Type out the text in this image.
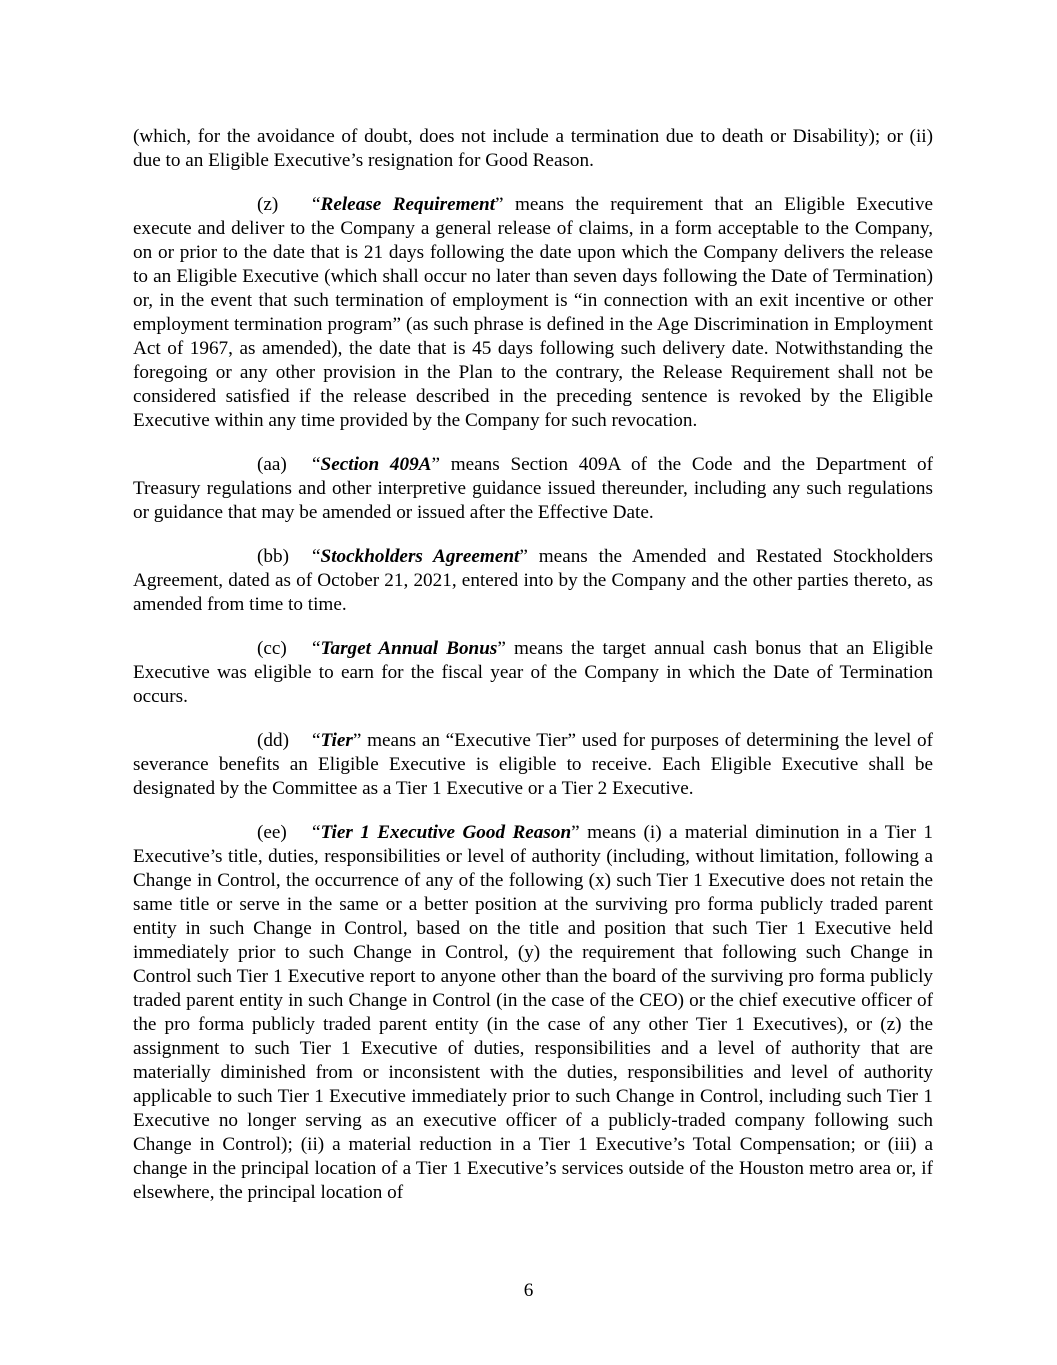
(which, for the avoidance of doubt, does not include a termination due to death or Disability); or (ii) due to an Eligible Executive’s resignation for Good Reason.

(z) “Release Requirement” means the requirement that an Eligible Executive execute and deliver to the Company a general release of claims, in a form acceptable to the Company, on or prior to the date that is 21 days following the date upon which the Company delivers the release to an Eligible Executive (which shall occur no later than seven days following the Date of Termination) or, in the event that such termination of employment is “in connection with an exit incentive or other employment termination program” (as such phrase is defined in the Age Discrimination in Employment Act of 1967, as amended), the date that is 45 days following such delivery date. Notwithstanding the foregoing or any other provision in the Plan to the contrary, the Release Requirement shall not be considered satisfied if the release described in the preceding sentence is revoked by the Eligible Executive within any time provided by the Company for such revocation.

(aa) “Section 409A” means Section 409A of the Code and the Department of Treasury regulations and other interpretive guidance issued thereunder, including any such regulations or guidance that may be amended or issued after the Effective Date.

(bb) “Stockholders Agreement” means the Amended and Restated Stockholders Agreement, dated as of October 21, 2021, entered into by the Company and the other parties thereto, as amended from time to time.

(cc) “Target Annual Bonus” means the target annual cash bonus that an Eligible Executive was eligible to earn for the fiscal year of the Company in which the Date of Termination occurs.

(dd) “Tier” means an “Executive Tier” used for purposes of determining the level of severance benefits an Eligible Executive is eligible to receive. Each Eligible Executive shall be designated by the Committee as a Tier 1 Executive or a Tier 2 Executive.

(ee) “Tier 1 Executive Good Reason” means (i) a material diminution in a Tier 1 Executive’s title, duties, responsibilities or level of authority (including, without limitation, following a Change in Control, the occurrence of any of the following (x) such Tier 1 Executive does not retain the same title or serve in the same or a better position at the surviving pro forma publicly traded parent entity in such Change in Control, based on the title and position that such Tier 1 Executive held immediately prior to such Change in Control, (y) the requirement that following such Change in Control such Tier 1 Executive report to anyone other than the board of the surviving pro forma publicly traded parent entity in such Change in Control (in the case of the CEO) or the chief executive officer of the pro forma publicly traded parent entity (in the case of any other Tier 1 Executives), or (z) the assignment to such Tier 1 Executive of duties, responsibilities and a level of authority that are materially diminished from or inconsistent with the duties, responsibilities and level of authority applicable to such Tier 1 Executive immediately prior to such Change in Control, including such Tier 1 Executive no longer serving as an executive officer of a publicly-traded company following such Change in Control); (ii) a material reduction in a Tier 1 Executive’s Total Compensation; or (iii) a change in the principal location of a Tier 1 Executive’s services outside of the Houston metro area or, if elsewhere, the principal location of

6
